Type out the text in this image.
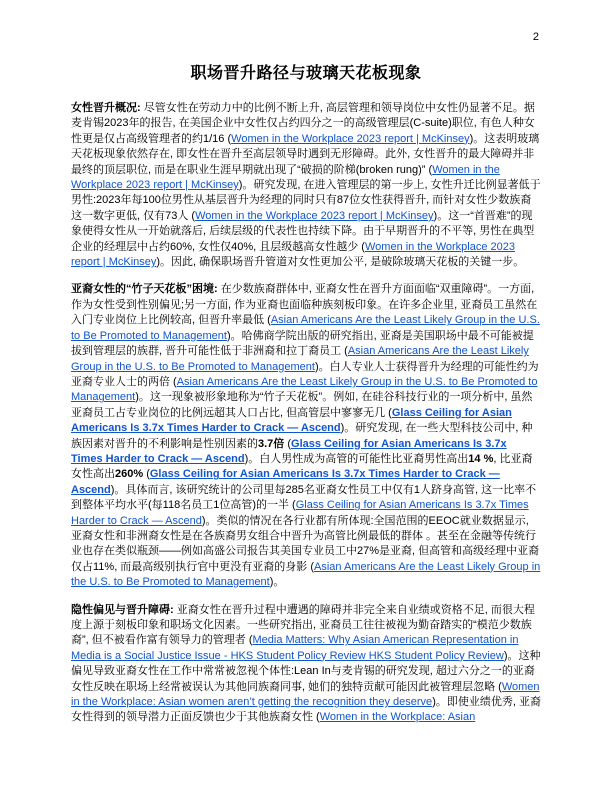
2
职场晋升路径与玻璃天花板现象

女性晋升概况: 尽管女性在劳动力中的比例不断上升, 高层管理和领导岗位中女性仍显著不足。据麦肯锡2023年的报告, 在美国企业中女性仅占约四分之一的高级管理层(C-suite)职位, 有色人种女性更是仅占高级管理者的约1/16 (Women in the Workplace 2023 report | McKinsey)。这表明玻璃天花板现象依然存在, 即女性在晋升至高层领导时遇到无形障碍。此外, 女性晋升的最大障碍并非最终的顶层职位, 而是在职业生涯早期就出现了“破损的阶梯(broken rung)” (Women in the Workplace 2023 report | McKinsey)。研究发现, 在进入管理层的第一步上, 女性升迁比例显著低于男性:2023年每100位男性从基层晋升为经理的同时只有87位女性获得晋升, 而针对女性少数族裔这一数字更低, 仅有73人 (Women in the Workplace 2023 report | McKinsey)。这一“首晋难”的现象使得女性从一开始就落后, 后续层级的代表性也持续下降。由于早期晋升的不平等, 男性在典型企业的经理层中占约60%, 女性仅40%, 且层级越高女性越少 (Women in the Workplace 2023 report | McKinsey)。因此, 确保职场晋升管道对女性更加公平, 是破除玻璃天花板的关键一步。

亚裔女性的“竹子天花板”困境: 在少数族裔群体中, 亚裔女性在晋升方面面临“双重障碍”。一方面, 作为女性受到性别偏见;另一方面, 作为亚裔也面临种族刻板印象。在许多企业里, 亚裔员工虽然在入门专业岗位上比例较高, 但晋升率最低 (Asian Americans Are the Least Likely Group in the U.S. to Be Promoted to Management)。哈佛商学院出版的研究指出, 亚裔是美国职场中最不可能被提拔到管理层的族群, 晋升可能性低于非洲裔和拉丁裔员工 (Asian Americans Are the Least Likely Group in the U.S. to Be Promoted to Management)。白人专业人士获得晋升为经理的可能性约为亚裔专业人士的两倍 (Asian Americans Are the Least Likely Group in the U.S. to Be Promoted to Management)。这一现象被形象地称为“竹子天花板”。例如, 在硅谷科技行业的一项分析中, 虽然亚裔员工占专业岗位的比例远超其人口占比, 但高管层中寥寥无几 (Glass Ceiling for Asian Americans Is 3.7x Times Harder to Crack — Ascend)。研究发现, 在一些大型科技公司中, 种族因素对晋升的不利影响是性别因素的3.7倍 (Glass Ceiling for Asian Americans Is 3.7x Times Harder to Crack — Ascend)。白人男性成为高管的可能性比亚裔男性高出14 %, 比亚裔女性高出260% (Glass Ceiling for Asian Americans Is 3.7x Times Harder to Crack — Ascend)。具体而言, 该研究统计的公司里每285名亚裔女性员工中仅有1人跻身高管, 这一比率不到整体平均水平(每118名员工1位高管)的一半 (Glass Ceiling for Asian Americans Is 3.7x Times Harder to Crack — Ascend)。类似的情况在各行业都有所体现:全国范围的EEOC就业数据显示, 亚裔女性和非洲裔女性是在各族裔男女组合中晋升为高管比例最低的群体 。甚至在金融等传统行业也存在类似瓶颈——例如高盛公司报告其美国专业员工中27%是亚裔, 但高管和高级经理中亚裔仅占11%, 而最高级别执行官中更没有亚裔的身影 (Asian Americans Are the Least Likely Group in the U.S. to Be Promoted to Management)。

隐性偏见与晋升障碍: 亚裔女性在晋升过程中遭遇的障碍并非完全来自业绩或资格不足, 而很大程度上源于刻板印象和职场文化因素。一些研究指出, 亚裔员工往往被视为勤奋踏实的“模范少数族裔”, 但不被看作富有领导力的管理者 (Media Matters: Why Asian American Representation in Media is a Social Justice Issue - HKS Student Policy Review HKS Student Policy Review)。这种偏见导致亚裔女性在工作中常常被忽视个体性:Lean In与麦肯锡的研究发现, 超过六分之一的亚裔女性反映在职场上经常被误认为其他同族裔同事, 她们的独特贡献可能因此被管理层忽略 (Women in the Workplace: Asian women aren’t getting the recognition they deserve)。即使业绩优秀, 亚裔女性得到的领导潜力正面反馈也少于其他族裔女性 (Women in the Workplace: Asian
